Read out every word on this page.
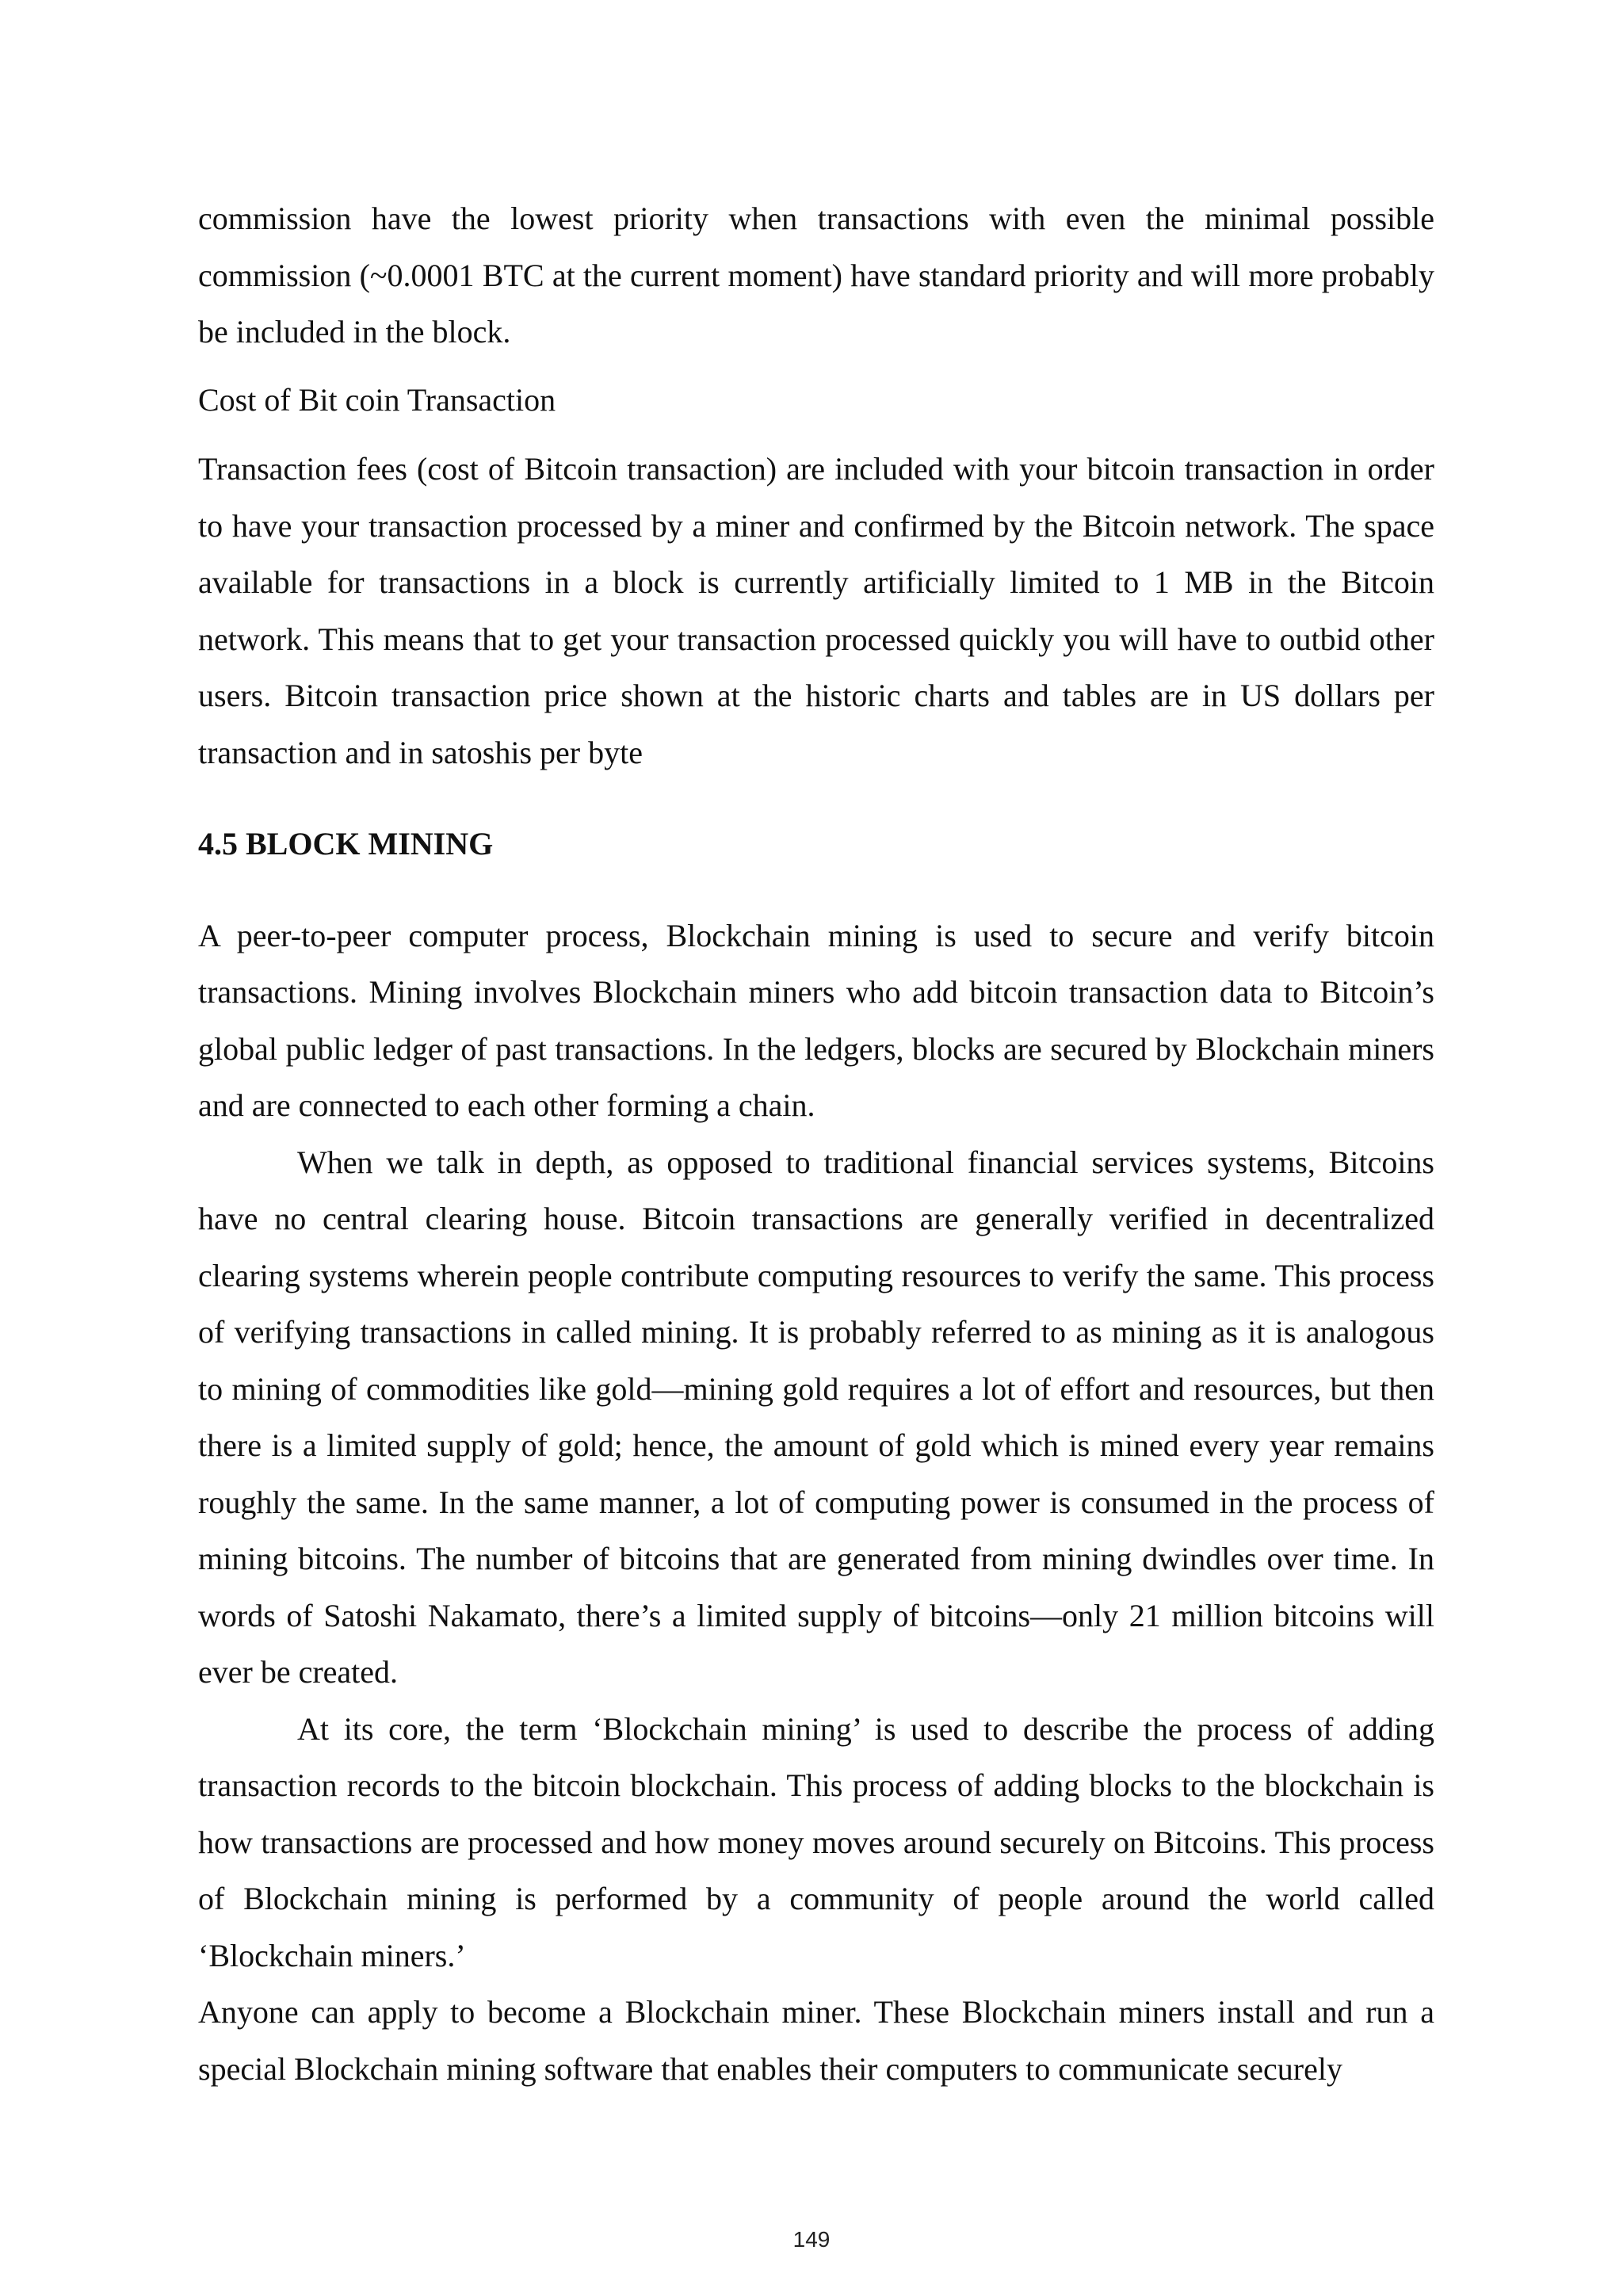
commission have the lowest priority when transactions with even the minimal possible commission (~0.0001 BTC at the current moment) have standard priority and will more probably be included in the block.

Cost of Bit coin Transaction

Transaction fees (cost of Bitcoin transaction) are included with your bitcoin transaction in order to have your transaction processed by a miner and confirmed by the Bitcoin network. The space available for transactions in a block is currently artificially limited to 1 MB in the Bitcoin network. This means that to get your transaction processed quickly you will have to outbid other users. Bitcoin transaction price shown at the historic charts and tables are in US dollars per transaction and in satoshis per byte

4.5 BLOCK MINING

A peer-to-peer computer process, Blockchain mining is used to secure and verify bitcoin transactions. Mining involves Blockchain miners who add bitcoin transaction data to Bitcoin’s global public ledger of past transactions. In the ledgers, blocks are secured by Blockchain miners and are connected to each other forming a chain.

When we talk in depth, as opposed to traditional financial services systems, Bitcoins have no central clearing house. Bitcoin transactions are generally verified in decentralized clearing systems wherein people contribute computing resources to verify the same. This process of verifying transactions in called mining. It is probably referred to as mining as it is analogous to mining of commodities like gold—mining gold requires a lot of effort and resources, but then there is a limited supply of gold; hence, the amount of gold which is mined every year remains roughly the same. In the same manner, a lot of computing power is consumed in the process of mining bitcoins. The number of bitcoins that are generated from mining dwindles over time. In words of Satoshi Nakamato, there’s a limited supply of bitcoins—only 21 million bitcoins will ever be created.

At its core, the term ‘Blockchain mining’ is used to describe the process of adding transaction records to the bitcoin blockchain. This process of adding blocks to the blockchain is how transactions are processed and how money moves around securely on Bitcoins. This process of Blockchain mining is performed by a community of people around the world called ‘Blockchain miners.’

Anyone can apply to become a Blockchain miner. These Blockchain miners install and run a special Blockchain mining software that enables their computers to communicate securely

149
